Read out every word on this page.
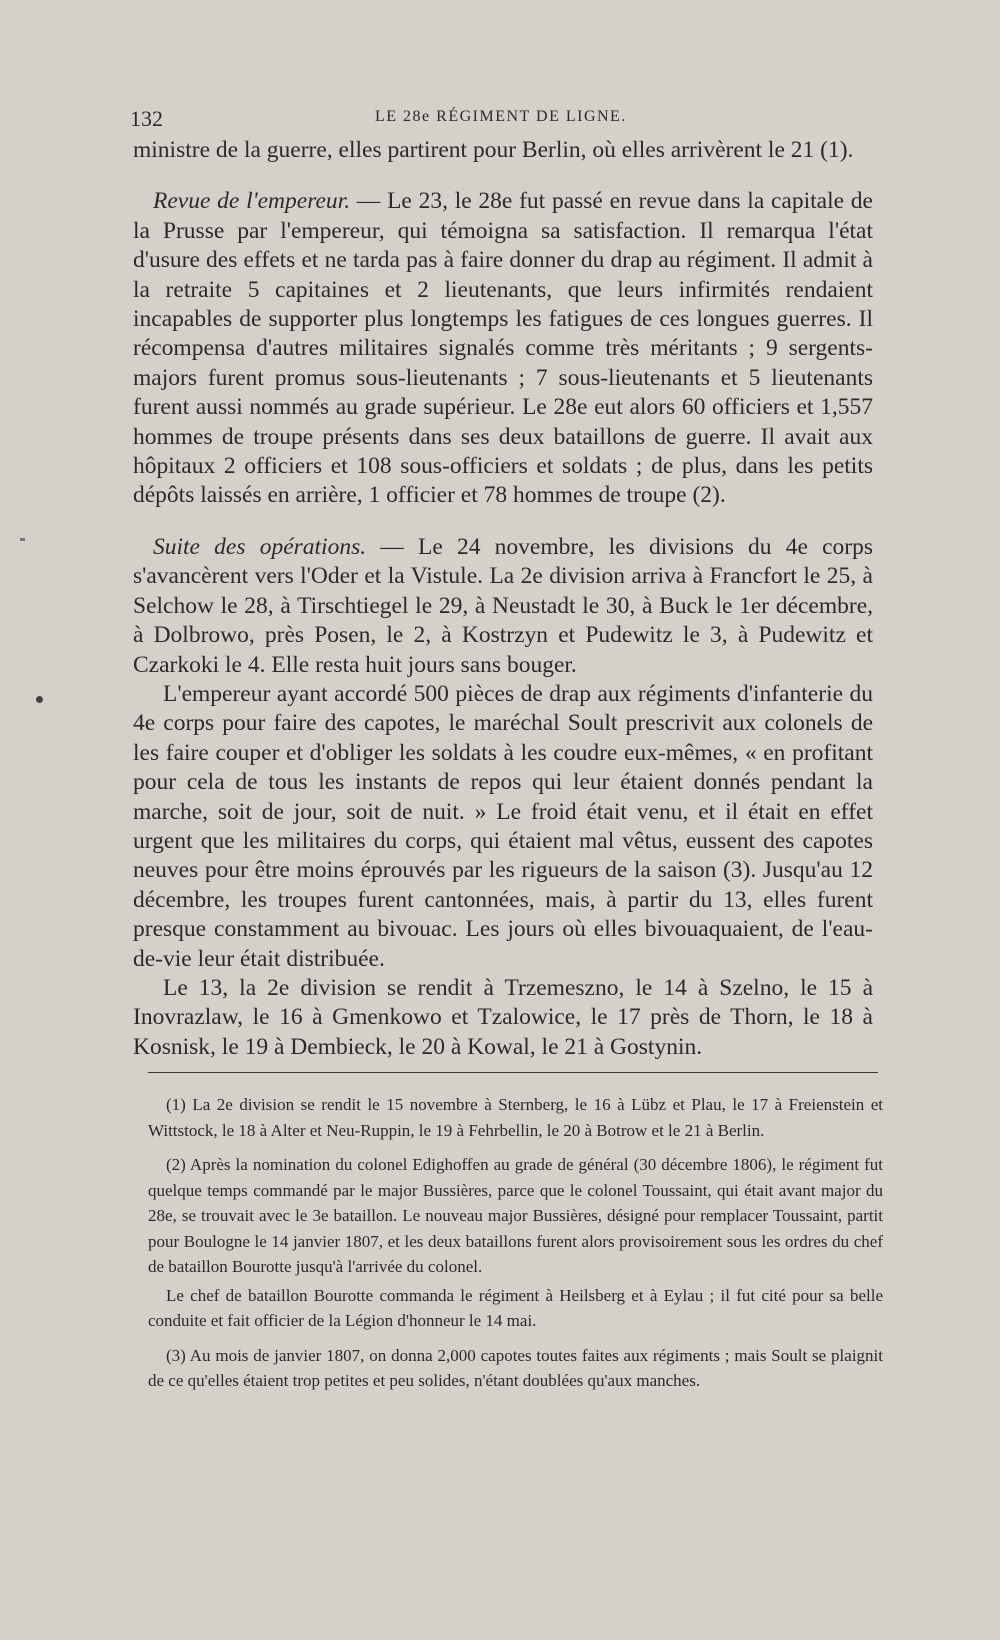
132	LE 28e RÉGIMENT DE LIGNE.

ministre de la guerre, elles partirent pour Berlin, où elles arrivèrent le 21 (1).

Revue de l'empereur. — Le 23, le 28e fut passé en revue dans la capitale de la Prusse par l'empereur, qui témoigna sa satisfaction. Il remarqua l'état d'usure des effets et ne tarda pas à faire donner du drap au régiment. Il admit à la retraite 5 capitaines et 2 lieutenants, que leurs infirmités rendaient incapables de supporter plus longtemps les fatigues de ces longues guerres. Il récompensa d'autres militaires signalés comme très méritants ; 9 sergents-majors furent promus sous-lieutenants ; 7 sous-lieutenants et 5 lieutenants furent aussi nommés au grade supérieur. Le 28e eut alors 60 officiers et 1,557 hommes de troupe présents dans ses deux bataillons de guerre. Il avait aux hôpitaux 2 officiers et 108 sous-officiers et soldats ; de plus, dans les petits dépôts laissés en arrière, 1 officier et 78 hommes de troupe (2).

Suite des opérations. — Le 24 novembre, les divisions du 4e corps s'avancèrent vers l'Oder et la Vistule. La 2e division arriva à Francfort le 25, à Selchow le 28, à Tirschtiegel le 29, à Neustadt le 30, à Buck le 1er décembre, à Dolbrowo, près Posen, le 2, à Kostrzyn et Pudewitz le 3, à Pudewitz et Czarkoki le 4. Elle resta huit jours sans bouger.

L'empereur ayant accordé 500 pièces de drap aux régiments d'infanterie du 4e corps pour faire des capotes, le maréchal Soult prescrivit aux colonels de les faire couper et d'obliger les soldats à les coudre eux-mêmes, « en profitant pour cela de tous les instants de repos qui leur étaient donnés pendant la marche, soit de jour, soit de nuit. » Le froid était venu, et il était en effet urgent que les militaires du corps, qui étaient mal vêtus, eussent des capotes neuves pour être moins éprouvés par les rigueurs de la saison (3). Jusqu'au 12 décembre, les troupes furent cantonnées, mais, à partir du 13, elles furent presque constamment au bivouac. Les jours où elles bivouaquaient, de l'eau-de-vie leur était distribuée.

Le 13, la 2e division se rendit à Trzemeszno, le 14 à Szelno, le 15 à Inovrazlaw, le 16 à Gmenkowo et Tzalowice, le 17 près de Thorn, le 18 à Kosnisk, le 19 à Dembieck, le 20 à Kowal, le 21 à Gostynin.

(1) La 2e division se rendit le 15 novembre à Sternberg, le 16 à Lübz et Plau, le 17 à Freienstein et Wittstock, le 18 à Alter et Neu-Ruppin, le 19 à Fehrbellin, le 20 à Botrow et le 21 à Berlin.

(2) Après la nomination du colonel Edighoffen au grade de général (30 décembre 1806), le régiment fut quelque temps commandé par le major Bussières, parce que le colonel Toussaint, qui était avant major du 28e, se trouvait avec le 3e bataillon. Le nouveau major Bussières, désigné pour remplacer Toussaint, partit pour Boulogne le 14 janvier 1807, et les deux bataillons furent alors provisoirement sous les ordres du chef de bataillon Bourotte jusqu'à l'arrivée du colonel.

Le chef de bataillon Bourotte commanda le régiment à Heilsberg et à Eylau ; il fut cité pour sa belle conduite et fait officier de la Légion d'honneur le 14 mai.

(3) Au mois de janvier 1807, on donna 2,000 capotes toutes faites aux régiments ; mais Soult se plaignit de ce qu'elles étaient trop petites et peu solides, n'étant doublées qu'aux manches.
